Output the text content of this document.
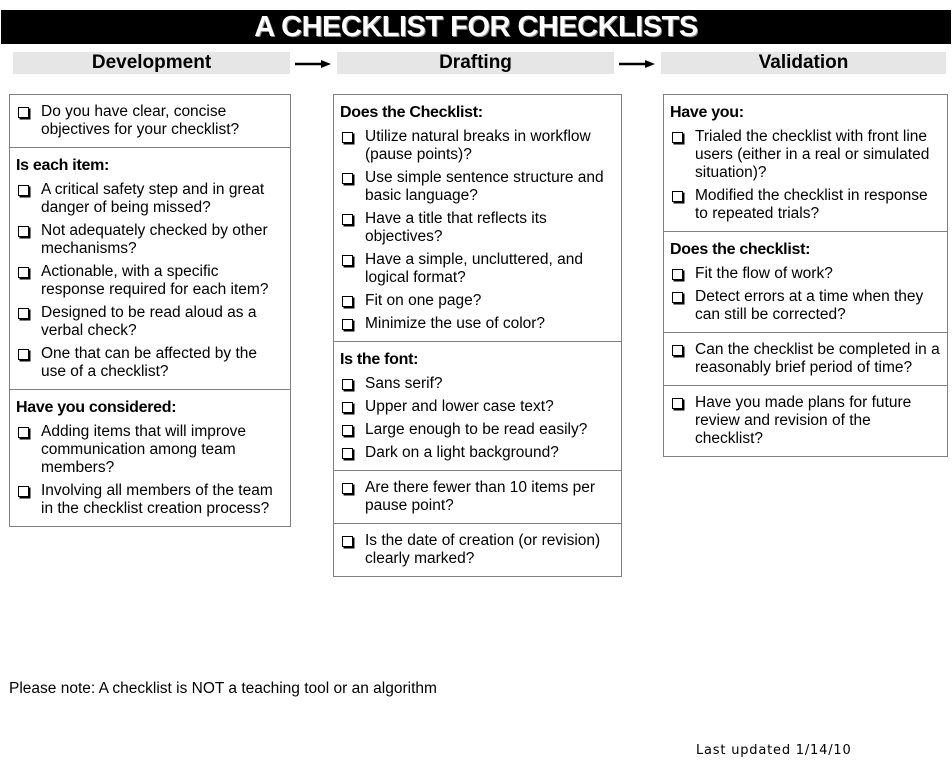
A CHECKLIST FOR CHECKLISTS
Development	Drafting	Validation
Do you have clear, concise objectives for your checklist?
Is each item:
A critical safety step and in great danger of being missed?
Not adequately checked by other mechanisms?
Actionable, with a specific response required for each item?
Designed to be read aloud as a verbal check?
One that can be affected by the use of a checklist?
Have you considered:
Adding items that will improve communication among team members?
Involving all members of the team in the checklist creation process?
Does the Checklist:
Utilize natural breaks in workflow (pause points)?
Use simple sentence structure and basic language?
Have a title that reflects its objectives?
Have a simple, uncluttered, and logical format?
Fit on one page?
Minimize the use of color?
Is the font:
Sans serif?
Upper and lower case text?
Large enough to be read easily?
Dark on a light background?
Are there fewer than 10 items per pause point?
Is the date of creation (or revision) clearly marked?
Have you:
Trialed the checklist with front line users (either in a real or simulated situation)?
Modified the checklist in response to repeated trials?
Does the checklist:
Fit the flow of work?
Detect errors at a time when they can still be corrected?
Can the checklist be completed in a reasonably brief period of time?
Have you made plans for future review and revision of the checklist?
Please note: A checklist is NOT a teaching tool or an algorithm
Last updated 1/14/10
